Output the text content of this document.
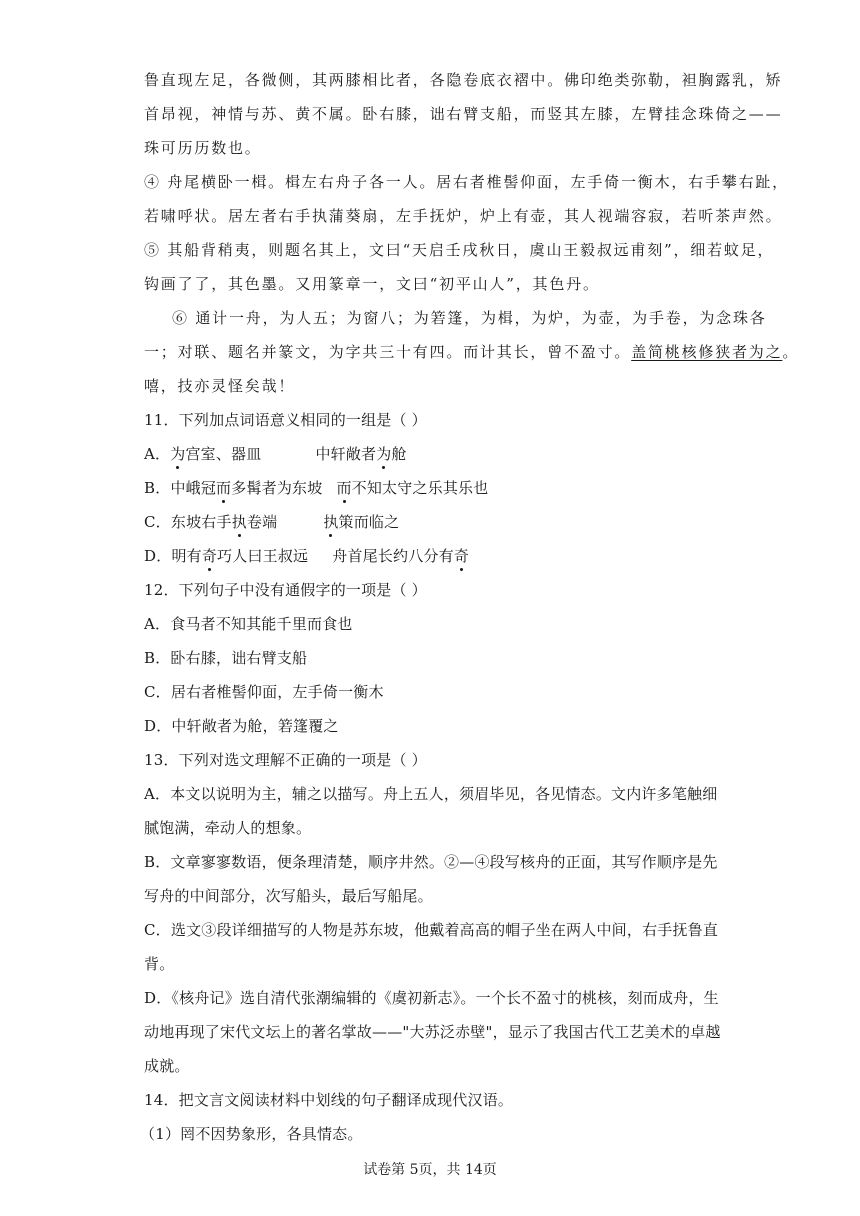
鲁直现左足，各微侧，其两膝相比者，各隐卷底衣褶中。佛印绝类弥勒，袒胸露乳，矫
首昂视，神情与苏、黄不属。卧右膝，诎右臂支船，而竖其左膝，左臂挂念珠倚之——
珠可历历数也。
④ 舟尾横卧一楫。楫左右舟子各一人。居右者椎髻仰面，左手倚一衡木，右手攀右趾，
若啸呼状。居左者右手执蒲葵扇，左手抚炉，炉上有壶，其人视端容寂，若听茶声然。
⑤ 其船背稍夷，则题名其上，文曰“天启壬戌秋日，虞山王毅叔远甫刻”，细若蚊足，
钩画了了，其色墨。又用篆章一，文曰“初平山人”，其色丹。
⑥ 通计一舟，为人五；为窗八；为箬篷，为楫，为炉，为壶，为手卷，为念珠各
一；对联、题名并篆文，为字共三十有四。而计其长，曾不盈寸。盖简桃核修狭者为之。
嘻，技亦灵怪矣哉！
11．下列加点词语意义相同的一组是（ ）
A．为宫室、器皿	中轩敞者为舱
B．中峨冠而多髯者为东坡 而不知太守之乐其乐也
C．东坡右手执卷端	执策而临之
D．明有奇巧人曰王叔远 舟首尾长约八分有奇
12．下列句子中没有通假字的一项是（ ）
A．食马者不知其能千里而食也
B．卧右膝，诎右臂支船
C．居右者椎髻仰面，左手倚一衡木
D．中轩敞者为舱，箬篷覆之
13．下列对选文理解不正确的一项是（ ）
A．本文以说明为主，辅之以描写。舟上五人，须眉毕见，各见情态。文内许多笔触细
腻饱满，牵动人的想象。
B．文章寥寥数语，便条理清楚，顺序井然。②—④段写核舟的正面，其写作顺序是先
写舟的中间部分，次写船头，最后写船尾。
C．选文③段详细描写的人物是苏东坡，他戴着高高的帽子坐在两人中间，右手抚鲁直
背。
D．《核舟记》选自清代张潮编辑的《虞初新志》。一个长不盈寸的桃核，刻而成舟，生
动地再现了宋代文坛上的著名掌故——"大苏泛赤壁"，显示了我国古代工艺美术的卓越
成就。
14．把文言文阅读材料中划线的句子翻译成现代汉语。
（1）罔不因势象形，各具情态。
试卷第 5页，共 14页
